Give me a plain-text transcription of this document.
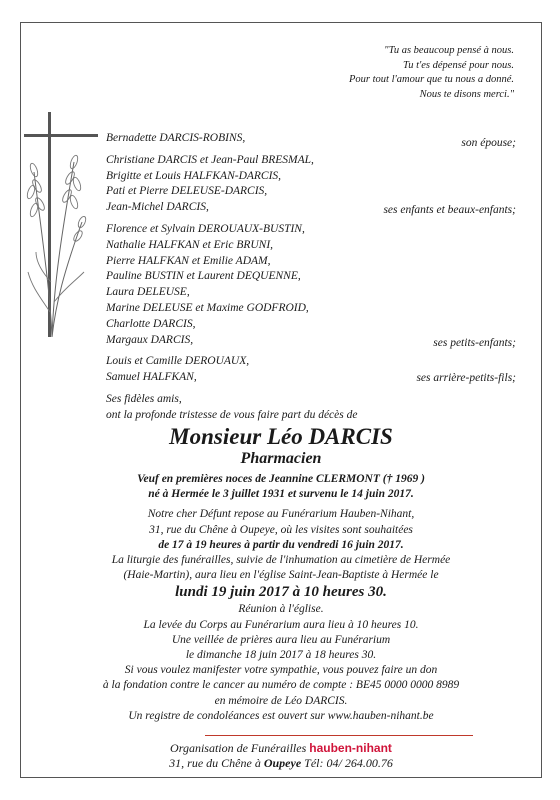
"Tu as beaucoup pensé à nous.
Tu t'es dépensé pour nous.
Pour tout l'amour que tu nous a donné.
Nous te disons merci."
Bernadette DARCIS-ROBINS,
Christiane DARCIS et Jean-Paul BRESMAL,
Brigitte et Louis HALFKAN-DARCIS,
Pati et Pierre DELEUSE-DARCIS,
Jean-Michel DARCIS,
Florence et Sylvain DEROUAUX-BUSTIN,
Nathalie HALFKAN et Eric BRUNI,
Pierre HALFKAN et Emilie ADAM,
Pauline BUSTIN et Laurent DEQUENNE,
Laura DELEUSE,
Marine DELEUSE et Maxime GODFROID,
Charlotte DARCIS,
Margaux DARCIS,
Louis et Camille DEROUAUX,
Samuel HALFKAN,
Ses fidèles amis,
ont la profonde tristesse de vous faire part du décès de
son épouse;
ses enfants et beaux-enfants;
ses petits-enfants;
ses arrière-petits-fils;
Monsieur Léo DARCIS
Pharmacien
Veuf en premières noces de Jeannine CLERMONT († 1969 )
né à Hermée le 3 juillet 1931 et survenu le 14 juin 2017.
Notre cher Défunt repose au Funérarium Hauben-Nihant,
31, rue du Chêne à Oupeye, où les visites sont souhaitées
de 17 à 19 heures à partir du vendredi 16 juin 2017.
La liturgie des funérailles, suivie de l'inhumation au cimetière de Hermée
(Haie-Martin), aura lieu en l'église Saint-Jean-Baptiste à Hermée le
lundi 19 juin 2017 à 10 heures 30.
Réunion à l'église.
La levée du Corps au Funérarium aura lieu à 10 heures 10.
Une veillée de prières aura lieu au Funérarium
le dimanche 18 juin 2017 à 18 heures 30.
Si vous voulez manifester votre sympathie, vous pouvez faire un don
à la fondation contre le cancer au numéro de compte : BE45 0000 0000 8989
en mémoire de Léo DARCIS.
Un registre de condoléances est ouvert sur www.hauben-nihant.be
Organisation de Funérailles hauben-nihant
31, rue du Chêne à Oupeye Tél: 04/ 264.00.76
